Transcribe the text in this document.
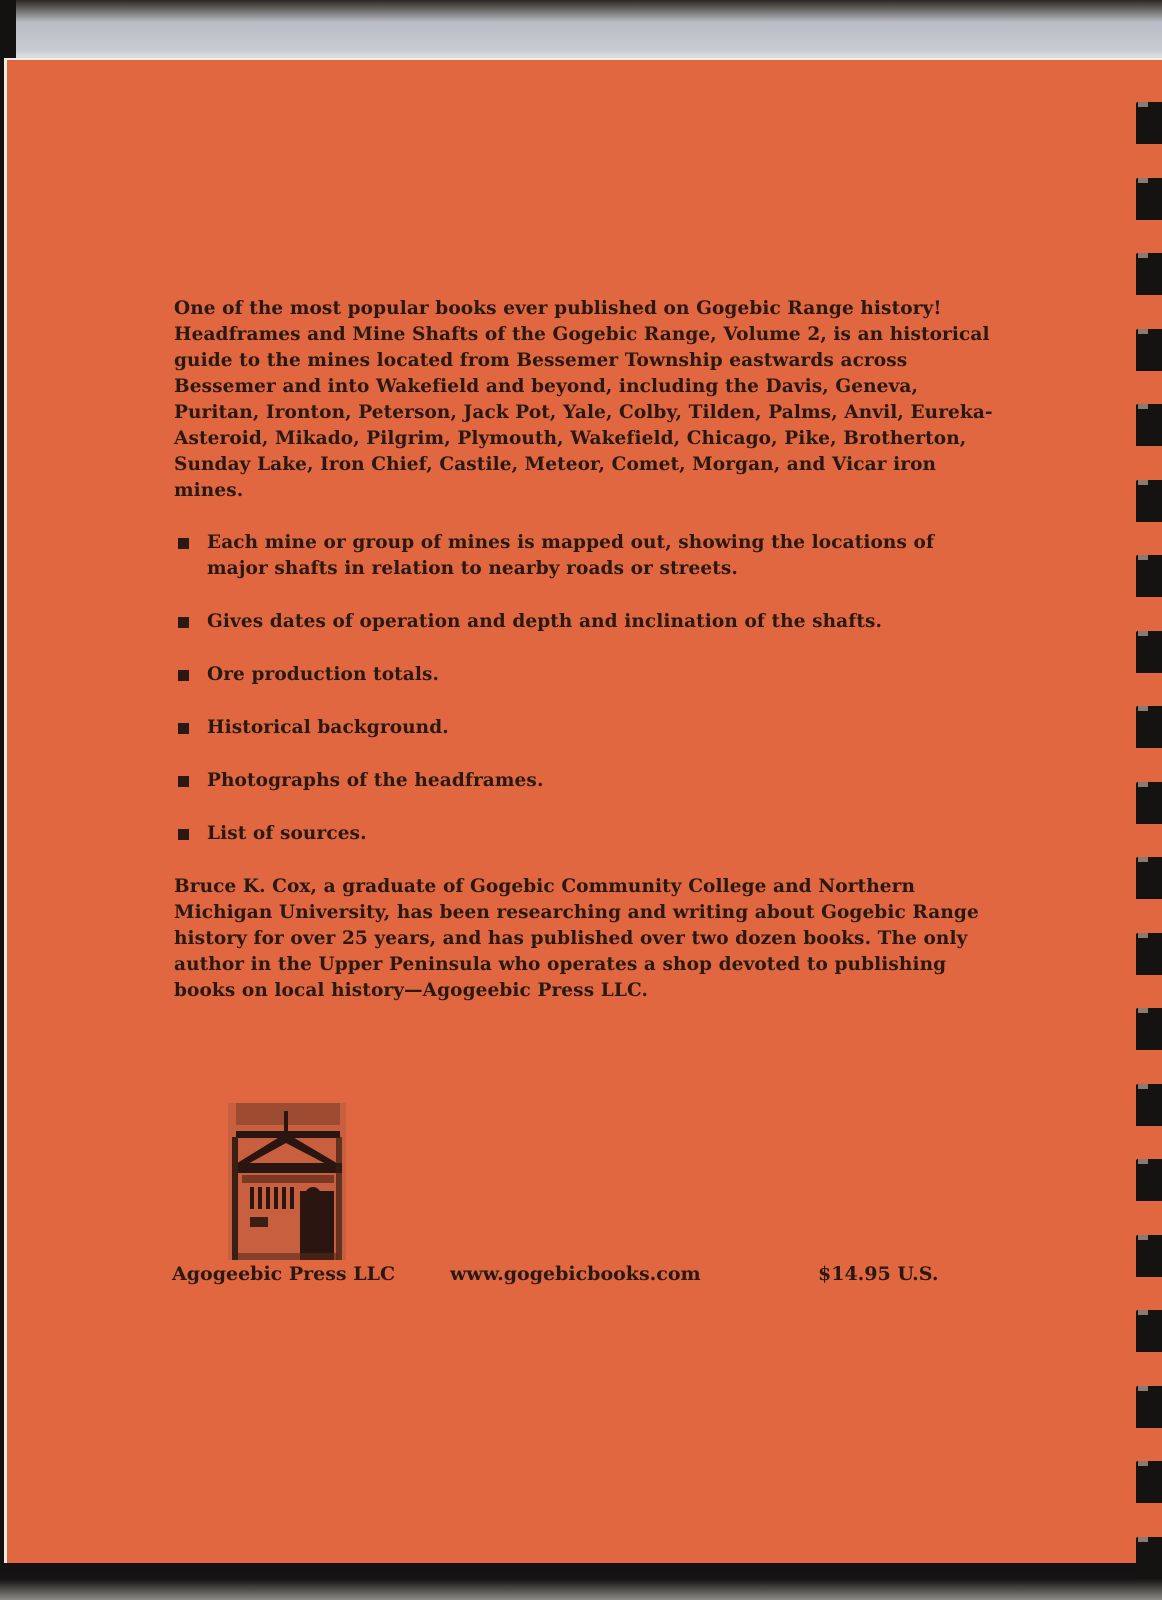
One of the most popular books ever published on Gogebic Range history! Headframes and Mine Shafts of the Gogebic Range, Volume 2, is an historical guide to the mines located from Bessemer Township eastwards across Bessemer and into Wakefield and beyond, including the Davis, Geneva, Puritan, Ironton, Peterson, Jack Pot, Yale, Colby, Tilden, Palms, Anvil, Eureka-Asteroid, Mikado, Pilgrim, Plymouth, Wakefield, Chicago, Pike, Brotherton, Sunday Lake, Iron Chief, Castile, Meteor, Comet, Morgan, and Vicar iron mines.

Each mine or group of mines is mapped out, showing the locations of major shafts in relation to nearby roads or streets.
Gives dates of operation and depth and inclination of the shafts.
Ore production totals.
Historical background.
Photographs of the headframes.
List of sources.

Bruce K. Cox, a graduate of Gogebic Community College and Northern Michigan University, has been researching and writing about Gogebic Range history for over 25 years, and has published over two dozen books. The only author in the Upper Peninsula who operates a shop devoted to publishing books on local history—Agogeebic Press LLC.

Agogeebic Press LLC	www.gogebicbooks.com	$14.95 U.S.
